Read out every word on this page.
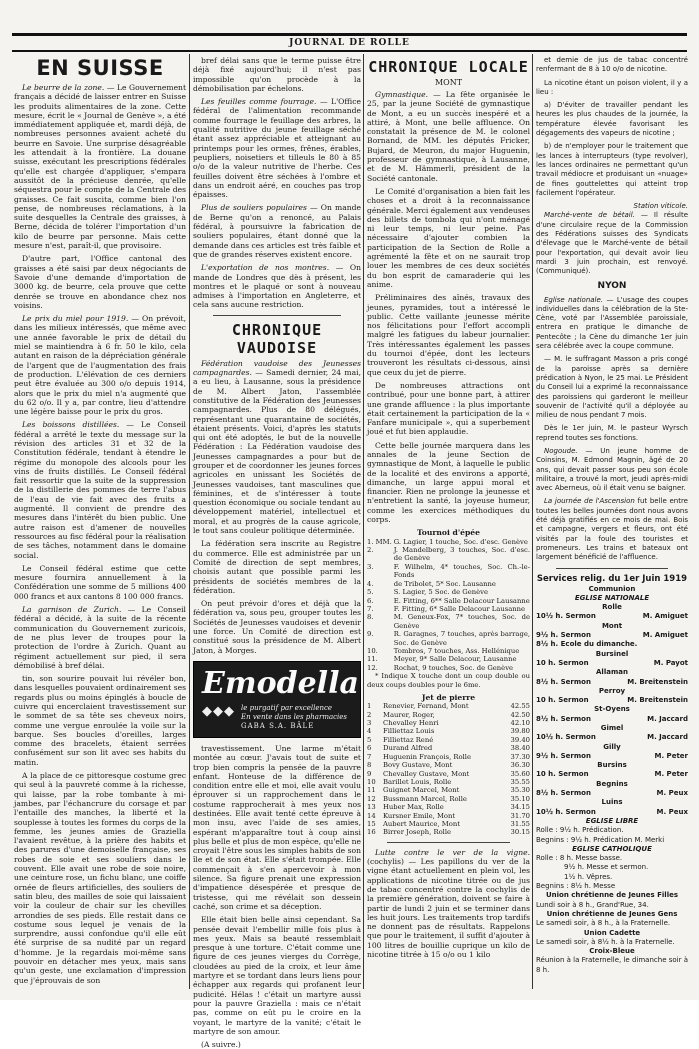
JOURNAL DE ROLLE
EN SUISSE

Le beurre de la zone. — Le Gouvernement français a décidé de laisser entrer en Suisse les produits alimentaires de la zone. Cette mesure, écrit le « Journal de Genève », a été immédiatement appliquée et, mardi déjà, de nombreuses personnes avaient acheté du beurre en Savoie. Une surprise désagréable les attendait à la frontière. La douane suisse, exécutant les prescriptions fédérales qu'elle est chargée d'appliquer, s'empara aussitôt de la précieuse denrée, qu'elle séquestra pour le compte de la Centrale des graisses. Ce fait suscita, comme bien l'on pense, de nombreuses réclamations, à la suite desquelles la Centrale des graisses, à Berne, décida de tolérer l'importation d'un kilo de beurre par personne. Mais cette mesure n'est, paraît-il, que provisoire.

D'autre part, l'Office cantonal des graisses a été saisi par deux négociants de Savoie d'une demande d'importation de 3000 kg. de beurre, cela prouve que cette denrée se trouve en abondance chez nos voisins.

Le prix du miel pour 1919. — On prévoit, dans les milieux intéressés, que même avec une année favorable le prix de détail du miel se maintiendra à 6 fr. 50 le kilo, cela autant en raison de la dépréciation générale de l'argent que de l'augmentation des frais de production. L'élévation de ces derniers peut être évaluée au 300 o/o depuis 1914, alors que le prix du miel n'a augmenté que du 62 o/o. Il y a, par contre, lieu d'attendre une légère baisse pour le prix du gros.

Les boissons distillées. — Le Conseil fédéral a arrêté le texte du message sur la révision des articles 31 et 32 de la Constitution fédérale, tendant à étendre le régime du monopole des alcools pour les vins de fruits distillés. Le Conseil fédéral fait ressortir que la suite de la suppression de la distillerie des pommes de terre l'abus de l'eau de vie fait avec des fruits a augmenté. Il convient de prendre des mesures dans l'intérêt du bien public. Une autre raison est d'amener de nouvelles ressources au fisc fédéral pour la réalisation de ses tâches, notamment dans le domaine social.

Le Conseil fédéral estime que cette mesure fournira annuellement à la Confédération une somme de 5 millions 400 000 francs et aux cantons 8 100 000 francs.

La garnison de Zurich. — Le Conseil fédéral a décidé, à la suite de la récente communication du Gouvernement zuricois, de ne plus lever de troupes pour la protection de l'ordre à Zurich. Quant au régiment actuellement sur pied, il sera démobilisé à bref délai.

tin, son sourire pouvait lui révéler bon, dans lesquelles pouvaient ordinairement ses regards plus ou moins épinglés à boucle de cuivre qui encerclaient travestissement sur le sommet de sa tête ses cheveux noirs, comme une vergue enroulée la voile sur la barque. Ses boucles d'oreilles, larges comme des bracelets, étaient serrées confusément sur son lit avec ses habits du matin.

A la place de ce pittoresque costume grec qui seul à la pauvreté comme à la richesse, qui laisse, par la robe tombante à mi-jambes, par l'échancrure du corsage et par l'entaille des manches, la liberté et la souplesse à toutes les formes du corps de la femme, les jeunes amies de Graziella l'avaient revêtue, à la prière des habits et des parures d'une demoiselle française, ses robes de soie et ses souliers dans le couvent. Elle avait une robe de soie noire, une ceinture rose, un fichu blanc, une coiffe ornée de fleurs artificielles, des souliers de satin bleu, des mailles de soie qui laissaient voir la couleur de chair sur les chevilles arrondies de ses pieds. Elle restait dans ce costume sous lequel je venais de la surprendre, aussi confondue qu'il elle eût été surprise de sa nudité par un regard d'homme. Je la regardais moi-même sans pouvoir en détacher mes yeux, mais sans qu'un geste, une exclamation d'impression que j'éprouvais de son

bref délai sans que le terme puisse être déjà fixé aujourd'hui; il n'est pas impossible qu'on procède à la démobilisation par échelons.

Les feuilles comme fourrage. — L'Office fédéral de l'alimentation recommande comme fourrage le feuillage des arbres, la qualité nutritive du jeune feuillage séché étant assez appréciable et atteignant au printemps pour les ormes, frênes, érables, peupliers, noisetiers et tilleuls le 80 à 85 o/o de la valeur nutritive de l'herbe. Ces feuilles doivent être séchées à l'ombre et dans un endroit aéré, en couches pas trop épaisses.

Plus de souliers populaires — On mande de Berne qu'on a renoncé, au Palais fédéral, à poursuivre la fabrication de souliers populaires, étant donné que la demande dans ces articles est très faible et que de grandes réserves existent encore.

L'exportation de nos montres. — On mande de Londres que dès à présent, les montres et le plaqué or sont à nouveau admises à l'importation en Angleterre, et cela sans aucune restriction.

CHRONIQUE VAUDOISE

Fédération vaudoise des Jeunesses campagnardes. — Samedi dernier, 24 mai, a eu lieu, à Lausanne, sous la présidence de M. Albert Jaton, l'assemblée constitutive de la Fédération des Jeunesses campagnardes. Plus de 80 délégués, représentant une quarantaine de sociétés, étaient présents. Voici, d'après les statuts qui ont été adoptés, le but de la nouvelle Fédération : La Fédération vaudoise des Jeunesses campagnardes a pour but de grouper et de coordonner les jeunes forces agricoles en unissant les Sociétés de Jeunesses vaudoises, tant masculines que féminines, et de s'intéresser à toute question économique ou sociale tendant au développement matériel, intellectuel et moral, et au progrès de la cause agricole, le tout sans couleur politique déterminée.

La fédération sera inscrite au Registre du commerce. Elle est administrée par un Comité de direction de sept membres, choisis autant que possible parmi les présidents de sociétés membres de la fédération.

On peut prévoir d'ores et déjà que la fédération va, sous peu, grouper toutes les Sociétés de Jeunesses vaudoises et devenir une force. Un Comité de direction est constitué sous la présidence de M. Albert Jaton, à Morges.

Emodella
◆◆◆ le purgatif par excellence
En vente dans les pharmacies
GABA S.A. BÂLE

travestissement. Une larme m'était montée au cœur. J'avais tout de suite et trop bien compris la pensée de la pauvre enfant. Honteuse de la différence de condition entre elle et moi, elle avait voulu éprouver si un rapprochement dans le costume rapprocherait à mes yeux nos destinées. Elle avait tenté cette épreuve à mon insu, avec l'aide de ses amies, espérant m'apparaître tout à coup ainsi plus belle et plus de mon espèce, qu'elle ne croyait l'être sous les simples habits de son île et de son état. Elle s'était trompée. Elle commençait à s'en apercevoir à mon silence. Sa figure prenait une expression d'impatience désespérée et presque de tristesse, qui me révélait son dessein caché, son crime et sa déception.

Elle était bien belle ainsi cependant. Sa pensée devait l'embellir mille fois plus à mes yeux. Mais sa beauté ressemblait presque à une torture. C'était comme une figure de ces jeunes vierges du Corrège, cloudées au pied de la croix, et leur âme martyre et se tordant dans leurs liens pour échapper aux regards qui profanent leur pudicité. Hélas ! c'était un martyre aussi pour la pauvre Graziella : mais ce n'était pas, comme on eût pu le croire en la voyant, le martyre de la vanité; c'était le martyre de son amour.

(A suivre.)

CHRONIQUE LOCALE
MONT

Gymnastique. — La fête organisée le 25, par la jeune Société de gymnastique de Mont, a eu un succès inespéré et a attiré, à Mont, une belle affluence. On constatait la présence de M. le colonel Bornand, de MM. les députés Fricker, Bujard, de Meuron, du major Huguenin, professeur de gymnastique, à Lausanne, et de M. Hämmerli, président de la Société cantonale.

Le Comité d'organisation a bien fait les choses et a droit à la reconnaissance générale. Merci également aux vendeuses des billets de tombola qui n'ont ménagé ni leur temps, ni leur peine. Pas nécessaire d'ajouter combien la participation de la Section de Rolle a agrémenté la fête et on ne saurait trop louer les membres de ces deux sociétés du bon esprit de camaraderie qui les anime.

Préliminaires des aînés, travaux des jeunes, pyramides, tout a intéressé le public. Cette vaillante jeunesse mérite nos félicitations pour l'effort accompli malgré les fatigues du labeur journalier. Très intéressantes également les passes du tournoi d'épée, dont les lecteurs trouveront les résultats ci-dessous, ainsi que ceux du jet de pierre.

De nombreuses attractions ont contribué, pour une bonne part, à attirer une grande affluence : la plus importante était certainement la participation de la « Fanfare municipale », qui a superbement joué et fut bien applaudie.

Cette belle journée marquera dans les annales de la jeune Section de gymnastique de Mont, à laquelle le public de la localité et des environs a apporté, dimanche, un large appui moral et financier. Rien ne prolonge la jeunesse et n'entretient la santé, la joyeuse humeur, comme les exercices méthodiques du corps.

Tournoi d'épée
1. MM.	G. Lagier, 1 touche, Soc. d'esc. Genève
2.	J. Mandelberg, 3 touches, Soc. d'esc. de Genève
3.	F. Wilhelm, 4* touches, Soc. Ch.-le-Fonds
4.	de Tribolet, 5* Soc. Lausanne
5.	S. Lagier, 5 Soc. de Genève
6.	E. Fitting, 6** Salle Delacour Lausanne
7.	F. Fitting, 6* Salle Delacour Lausanne
8.	M. Geneux-Fox, 7* touches, Soc. de Genève
9.	R. Garagnes, 7 touches, après barrage, Soc. de Genève
10.	Tombros, 7 touches, Ass. Hellénique
11.	Meyer, 9* Salle Delacour, Lausanne
12.	Rochat, 9 touches, Soc. de Genève

* Indique X touche dont un coup double ou deux coups doubles pour le 6me.

Jet de pierre
1	Renevier, Fernand, Mont	42.55
2	Maurer, Roger,	42.50
3	Chevalley Henri	42.10
4	Filliettaz Louis	39.80
5	Filliettaz René	39.40
6	Durand Alfred	38.40
7	Huguenin François, Rolle	37.30
8	Bovy Gustave, Mont	36.30
9	Chevalley Gustave, Mont	35.60
10	Barillet Louis, Rolle	35.55
11	Guignet Marcel, Mont	35.30
12	Bussmann Marcel, Rolle	35.10
13	Huber Max, Rolle	34.15
14	Kursner Emile, Mont	31.70
15	Aubert Maurice, Mont	31.55
16	Birrer Joseph, Rolle	30.15

Lutte contre le ver de la vigne. (cochylis) — Les papillons du ver de la vigne étant actuellement en plein vol, les applications de nicotine titrée ou de jus de tabac concentré contre la cochylis de la première génération, doivent se faire à partir de lundi 2 juin et se terminer dans les huit jours. Les traitements trop tardifs ne donnent pas de résultats. Rappelons que pour le traitement, il suffit d'ajouter à 100 litres de bouillie cuprique un kilo de nicotine titrée à 15 o/o ou 1 kilo

et demie de jus de tabac concentré renfermant de 8 à 10 o/o de nicotine.

La nicotine étant un poison violent, il y a lieu :

a) D'éviter de travailler pendant les heures les plus chaudes de la journée, la température élevée favorisant les dégagements des vapeurs de nicotine ;

b) de n'employer pour le traitement que les lances à interrupteurs (type revolver), les lances ordinaires ne permettant qu'un travail médiocre et produisant un «nuage» de fines gouttelettes qui atteint trop facilement l'opérateur.

Station viticole.

Marché-vente de bétail. — Il résulte d'une circulaire reçue de la Commission des Fédérations suisses des Syndicats d'élevage que le Marché-vente de bétail pour l'exportation, qui devait avoir lieu mardi 3 juin prochain, est renvoyé. (Communiqué).

NYON

Eglise nationale. — L'usage des coupes individuelles dans la célébration de la Ste-Cène, voté par l'Assemblée paroissiale, entrera en pratique le dimanche de Pentecôte ; la Cène du dimanche 1er juin sera célébrée avec la coupe commune.

— M. le suffragant Masson a pris congé de la paroisse après sa dernière prédication à Nyon, le 25 mai. Le Président du Conseil lui a exprimé la reconnaissance des paroissiens qui garderont le meilleur souvenir de l'activité qu'il a déployée au milieu de nous pendant 7 mois.

Dès le 1er juin, M. le pasteur Wyrsch reprend toutes ses fonctions.

Nogoude. — Un jeune homme de Coinsins, M. Edmond Magnin, âgé de 20 ans, qui devait passer sous peu son école militaire, a trouvé la mort, jeudi après-midi avec Aberneus, où il était venu se baigner.

La journée de l'Ascension fut belle entre toutes les belles journées dont nous avons été déjà gratifiés en ce mois de mai. Bois et campagne, vergers et fleurs, ont été visités par la foule des touristes et promeneurs. Les trains et bateaux ont largement bénéficié de l'affluence.

Services relig. du 1er Juin 1919
Communion
EGLISE NATIONALE
Rolle
10½ h. Sermon	M. Amiguet
Mont
9½ h. Sermon	M. Amiguet
8½ h. Ecole du dimanche.
Bursinel
10 h. Sermon	M. Payot
Allaman
8½ h. Sermon	M. Breitenstein
Perroy
10 h. Sermon	M. Breitenstein
St-Oyens
8½ h. Sermon	M. Jaccard
Gimel
10½ h. Sermon	M. Jaccard
Gilly
9½ h. Sermon	M. Peter
Bursins
10 h. Sermon	M. Peter
Begnins
8½ h. Sermon	M. Peux
Luins
10½ h. Sermon	M. Peux
EGLISE LIBRE
Rolle : 9½ h. Prédication.
Begnins : 9½ h. Prédication M. Merki
EGLISE CATHOLIQUE
Rolle : 8 h. Messe basse.
9½ h. Messe et sermon.
1½ h. Vêpres.
Begnins : 8½ h. Messe
Union chrétienne de Jeunes Filles
Lundi soir à 8 h., Grand'Rue, 34.
Union chrétienne de Jeunes Gens
Le samedi soir, à 8 h., à la Fraternelle.
Union Cadette
Le samedi soir, à 8½ h. à la Fraternelle.
Croix-Bleue
Réunion à la Fraternelle, le dimanche soir à 8 h.
